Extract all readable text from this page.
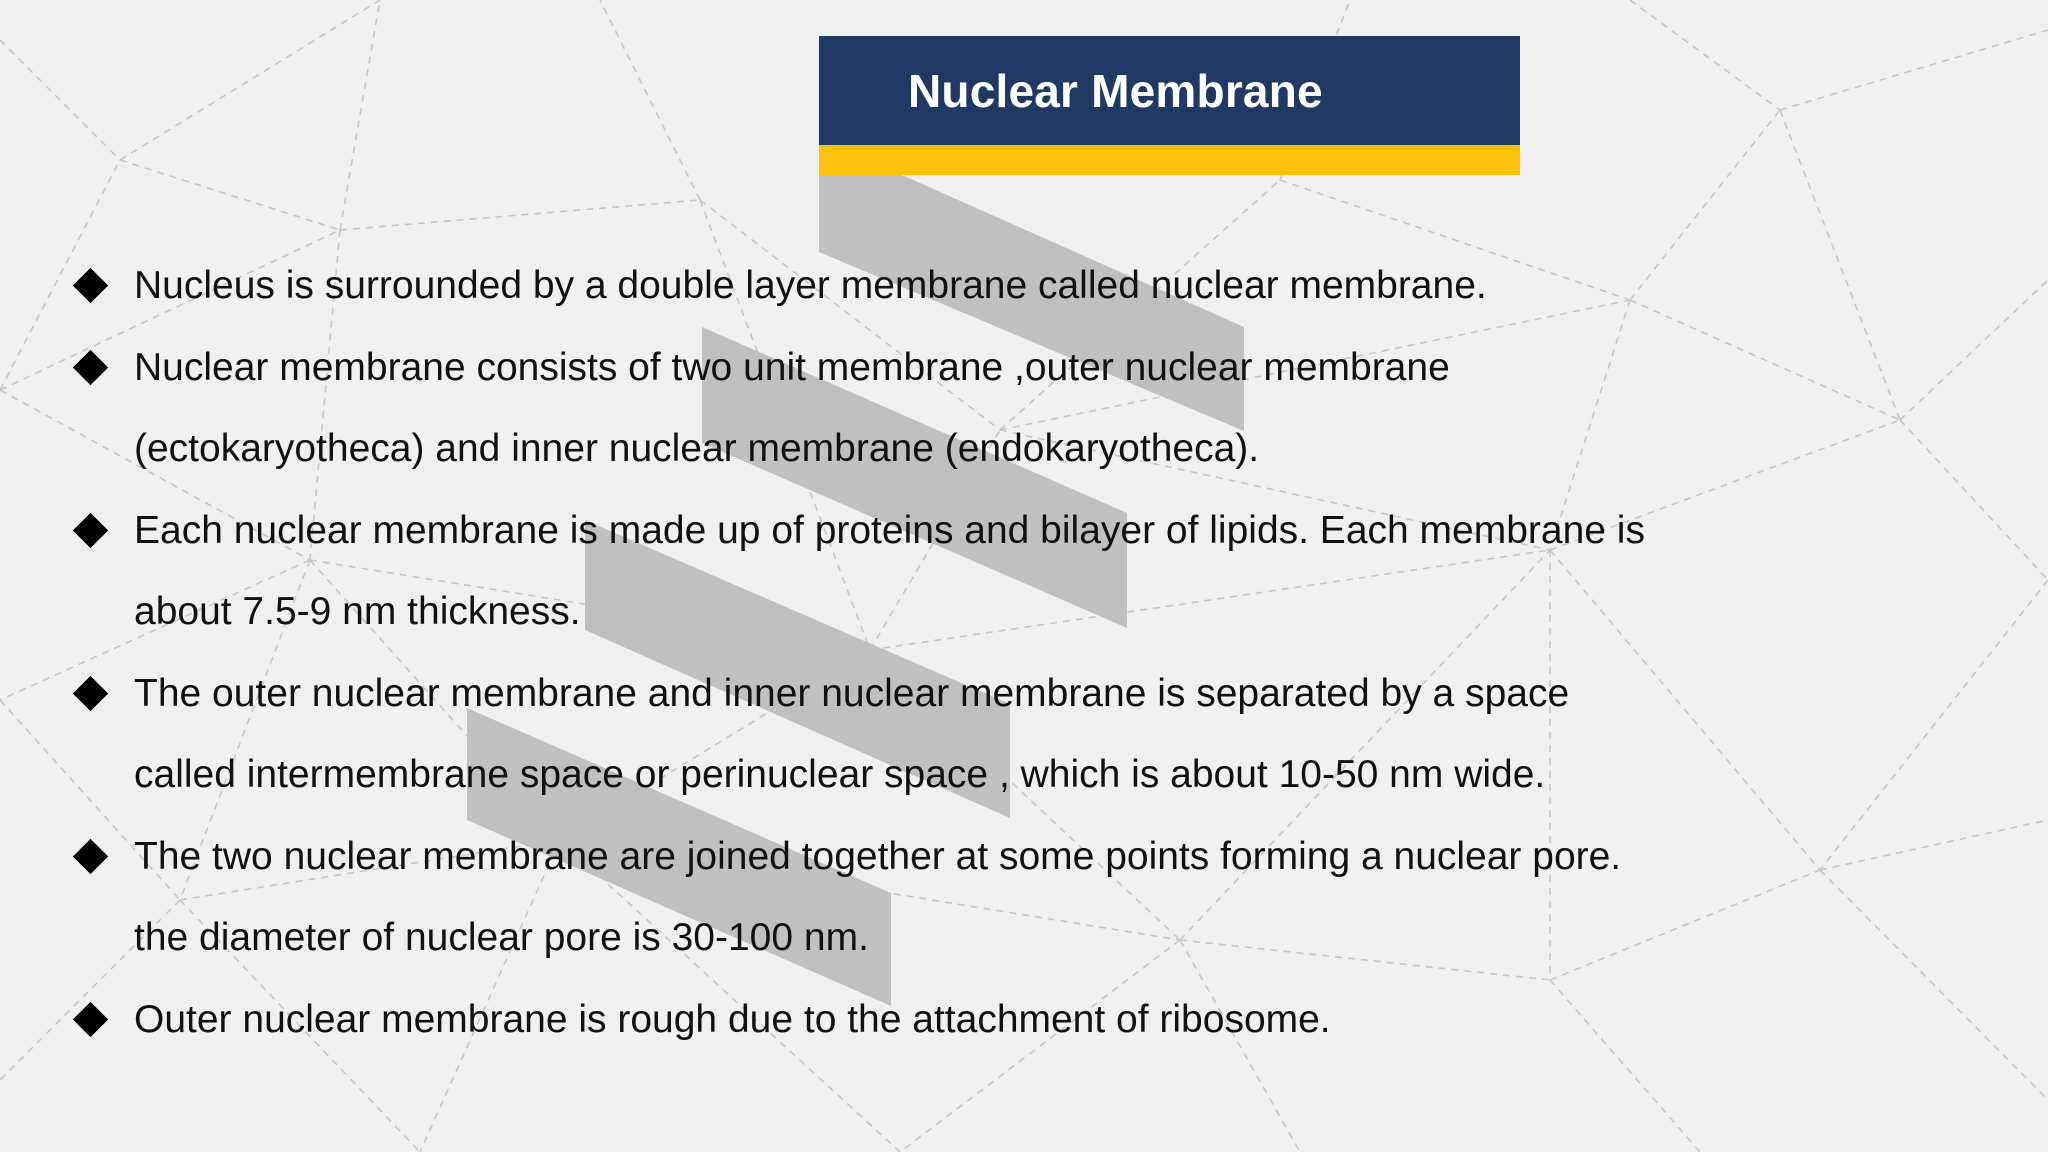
Nuclear Membrane
Nucleus is surrounded by a double layer membrane called nuclear membrane.
Nuclear membrane consists of two unit membrane ,outer nuclear membrane
(ectokaryotheca) and inner nuclear membrane (endokaryotheca).
Each nuclear membrane is made up of proteins and bilayer of lipids. Each membrane is
about 7.5-9 nm thickness.
The outer nuclear membrane and inner nuclear membrane is separated by a space
called intermembrane space or perinuclear space , which is about 10-50 nm wide.
The two nuclear membrane are joined together at some points forming a nuclear pore.
the diameter of nuclear pore is 30-100 nm.
Outer nuclear membrane is rough due to the attachment of ribosome.
